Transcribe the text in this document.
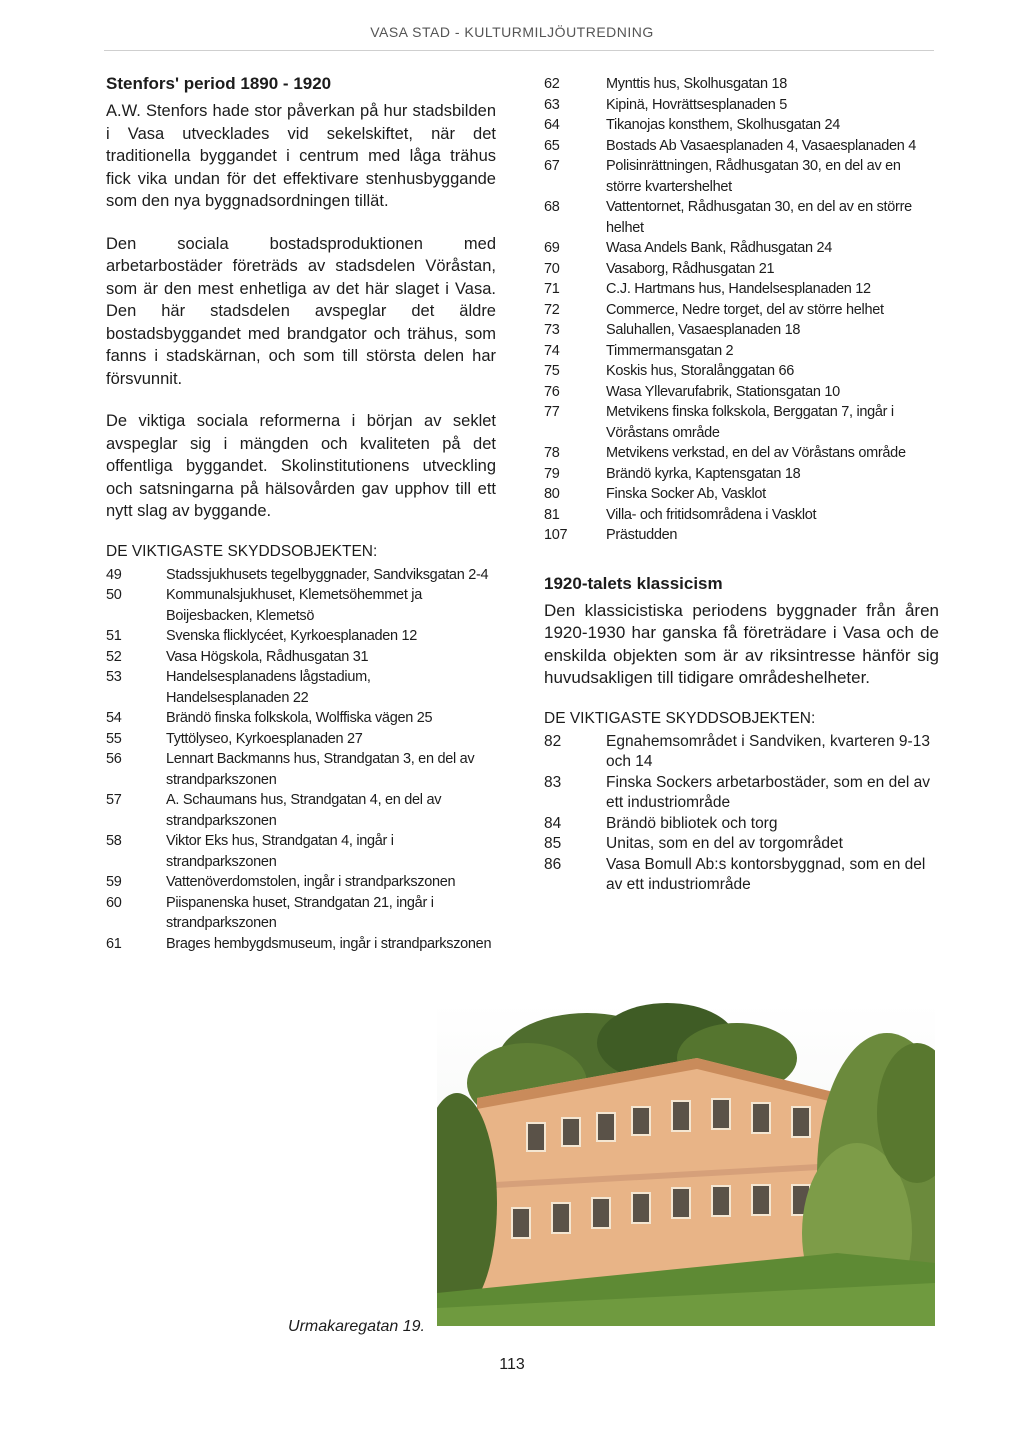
VASA STAD - KULTURMILJÖUTREDNING
Stenfors' period 1890 - 1920

A.W. Stenfors hade stor påverkan på hur stadsbilden i Vasa utvecklades vid sekelskiftet, när det traditionella byggandet i centrum med låga trähus fick vika undan för det effektivare stenhusbyggande som den nya byggnadsordningen tillät.

Den sociala bostadsproduktionen med arbetarbostäder företräds av stadsdelen Vöråstan, som är den mest enhetliga av det här slaget i Vasa. Den här stadsdelen avspeglar det äldre bostadsbyggandet med brandgator och trähus, som fanns i stadskärnan, och som till största delen har försvunnit.

De viktiga sociala reformerna i början av seklet avspeglar sig i mängden och kvaliteten på det offentliga byggandet. Skolinstitutionens utveckling och satsningarna på hälsovården gav upphov till ett nytt slag av byggande.

DE VIKTIGASTE SKYDDSOBJEKTEN:
49	Stadssjukhusets tegelbyggnader, Sandviksgatan 2-4
50	Kommunalsjukhuset, Klemetsöhemmet ja Boijesbacken, Klemetsö
51	Svenska flicklycéet, Kyrkoesplanaden 12
52	Vasa Högskola, Rådhusgatan 31
53	Handelsesplanadens lågstadium, Handelsesplanaden 22
54	Brändö finska folkskola, Wolffiska vägen 25
55	Tyttölyseo, Kyrkoesplanaden 27
56	Lennart Backmanns hus, Strandgatan 3, en del av strandparkszonen
57	A. Schaumans hus, Strandgatan 4, en del av strandparkszonen
58	Viktor Eks hus, Strandgatan 4, ingår i strandparkszonen
59	Vattenöverdomstolen, ingår i strandparkszonen
60	Piispanenska huset, Strandgatan 21, ingår i strandparkszonen
61	Brages hembygdsmuseum, ingår i strandparkszonen
62	Mynttis hus, Skolhusgatan 18
63	Kipinä, Hovrättsesplanaden 5
64	Tikanojas konsthem, Skolhusgatan 24
65	Bostads Ab Vasaesplanaden 4, Vasaesplanaden 4
67	Polisinrättningen, Rådhusgatan 30, en del av en större kvartershelhet
68	Vattentornet, Rådhusgatan 30, en del av en större helhet
69	Wasa Andels Bank, Rådhusgatan 24
70	Vasaborg, Rådhusgatan 21
71	C.J. Hartmans hus, Handelsesplanaden 12
72	Commerce, Nedre torget, del av större helhet
73	Saluhallen, Vasaesplanaden 18
74	Timmermansgatan 2
75	Koskis hus, Storalånggatan 66
76	Wasa Yllevarufabrik, Stationsgatan 10
77	Metvikens finska folkskola, Berggatan 7, ingår i Vöråstans område
78	Metvikens verkstad, en del av Vöråstans område
79	Brändö kyrka, Kaptensgatan 18
80	Finska Socker Ab, Vasklot
81	Villa- och fritidsområdena i Vasklot
107	Prästudden
1920-talets klassicism

Den klassicistiska periodens byggnader från åren 1920-1930 har ganska få företrädare i Vasa och de enskilda objekten som är av riksintresse hänför sig huvudsakligen till tidigare områdeshelheter.

DE VIKTIGASTE SKYDDSOBJEKTEN:
82	Egnahemsområdet i Sandviken, kvarteren 9-13 och 14
83	Finska Sockers arbetarbostäder, som en del av ett industriområde
84	Brändö bibliotek och torg
85	Unitas, som en del av torgområdet
86	Vasa Bomull Ab:s kontorsbyggnad, som en del av ett industriområde
Urmakaregatan 19.
113
